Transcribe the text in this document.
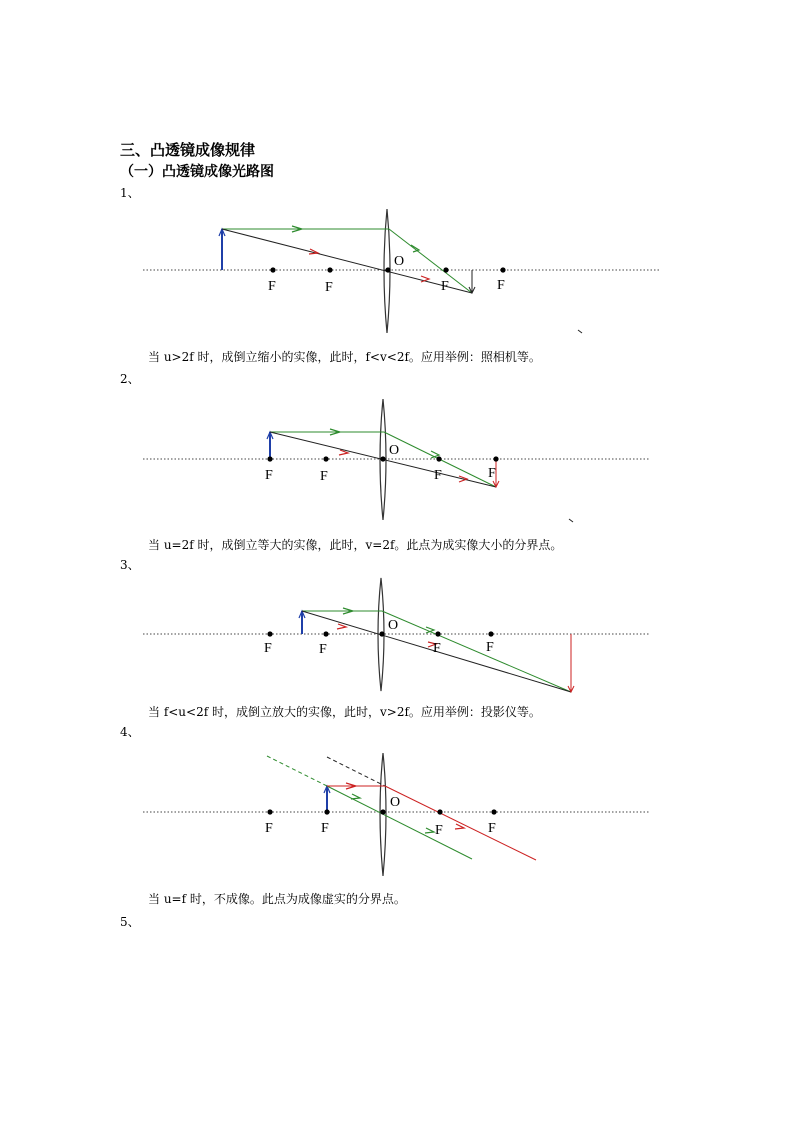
三、凸透镜成像规律
（一）凸透镜成像光路图
1、
2、
3、
4、
5、
当 u>2f 时，成倒立缩小的实像，此时，f<v<2f。应用举例：照相机等。
当 u=2f 时，成倒立等大的实像，此时，v=2f。此点为成实像大小的分界点。
当 f<u<2f 时，成倒立放大的实像，此时，v>2f。应用举例：投影仪等。
当 u=f 时，不成像。此点为成像虚实的分界点。
F	F
O
F	F
F	F
O
F	F
F	F
O
F	F
F	F
O
F	F
